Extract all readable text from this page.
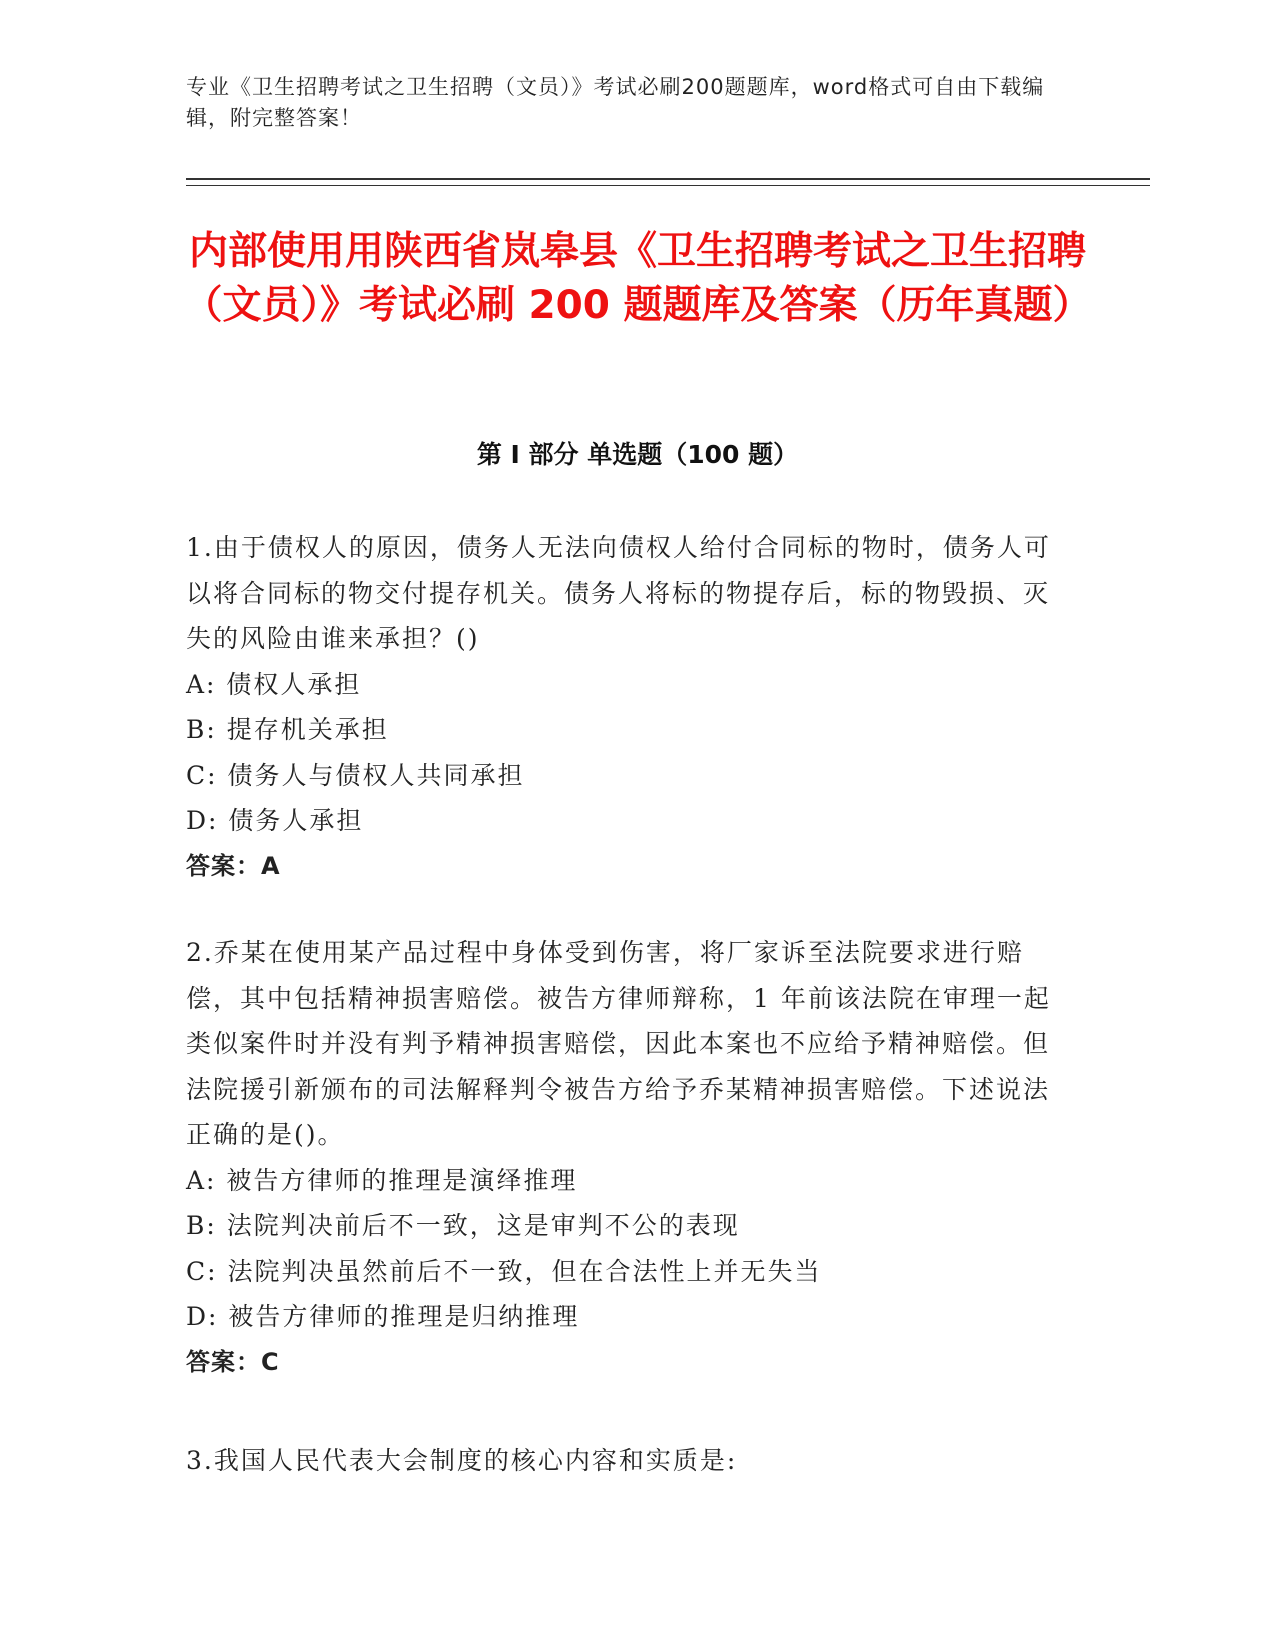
专业《卫生招聘考试之卫生招聘（文员）》考试必刷200题题库，word格式可自由下载编辑，附完整答案！
内部使用用陕西省岚皋县《卫生招聘考试之卫生招聘（文员）》考试必刷 200 题题库及答案（历年真题）
第 I 部分 单选题（100 题）
1.由于债权人的原因，债务人无法向债权人给付合同标的物时，债务人可以将合同标的物交付提存机关。债务人将标的物提存后，标的物毁损、灭失的风险由谁来承担？()
A: 债权人承担
B: 提存机关承担
C: 债务人与债权人共同承担
D: 债务人承担
答案：A
2.乔某在使用某产品过程中身体受到伤害，将厂家诉至法院要求进行赔偿，其中包括精神损害赔偿。被告方律师辩称，1 年前该法院在审理一起类似案件时并没有判予精神损害赔偿，因此本案也不应给予精神赔偿。但法院援引新颁布的司法解释判令被告方给予乔某精神损害赔偿。下述说法正确的是()。
A: 被告方律师的推理是演绎推理
B: 法院判决前后不一致，这是审判不公的表现
C: 法院判决虽然前后不一致，但在合法性上并无失当
D: 被告方律师的推理是归纳推理
答案：C
3.我国人民代表大会制度的核心内容和实质是:
